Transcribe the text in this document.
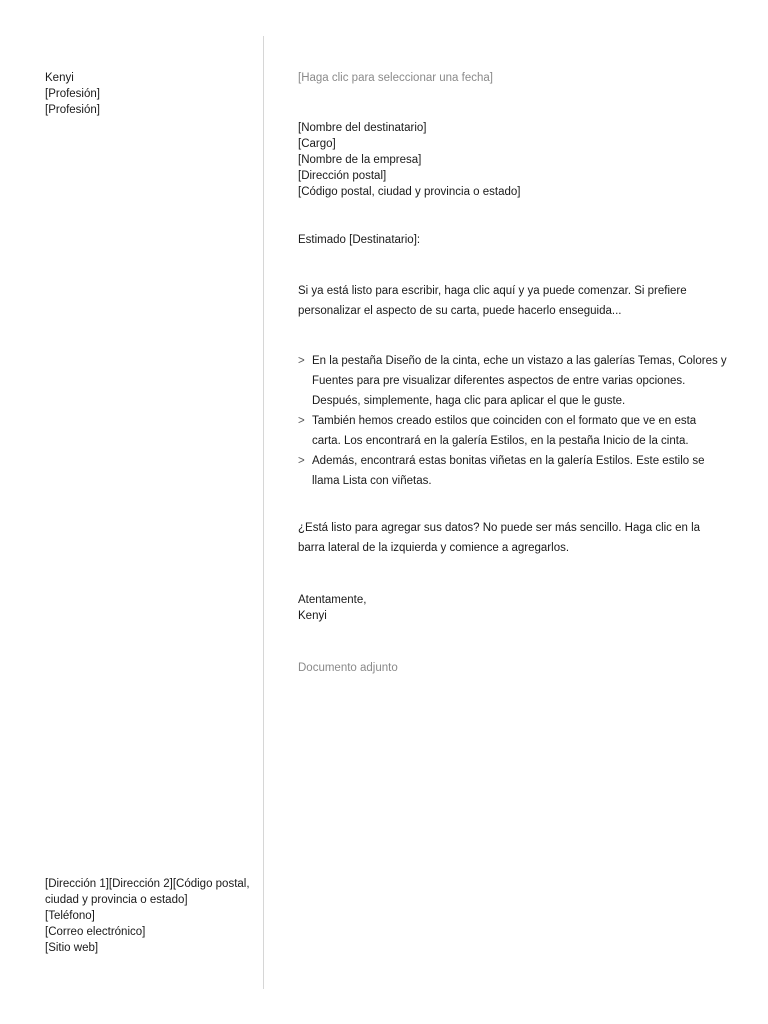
Kenyi
[Profesión]
[Profesión]
[Dirección 1][Dirección 2][Código postal, ciudad y provincia o estado]
[Teléfono]
[Correo electrónico]
[Sitio web]
[Haga clic para seleccionar una fecha]
[Nombre del destinatario]
[Cargo]
[Nombre de la empresa]
[Dirección postal]
[Código postal, ciudad y provincia o estado]
Estimado [Destinatario]:
Si ya está listo para escribir, haga clic aquí y ya puede comenzar. Si prefiere personalizar el aspecto de su carta, puede hacerlo enseguida...
> En la pestaña Diseño de la cinta, eche un vistazo a las galerías Temas, Colores y Fuentes para pre visualizar diferentes aspectos de entre varias opciones. Después, simplemente, haga clic para aplicar el que le guste.
> También hemos creado estilos que coinciden con el formato que ve en esta carta. Los encontrará en la galería Estilos, en la pestaña Inicio de la cinta.
> Además, encontrará estas bonitas viñetas en la galería Estilos. Este estilo se llama Lista con viñetas.
¿Está listo para agregar sus datos? No puede ser más sencillo. Haga clic en la barra lateral de la izquierda y comience a agregarlos.
Atentamente,
Kenyi
Documento adjunto
